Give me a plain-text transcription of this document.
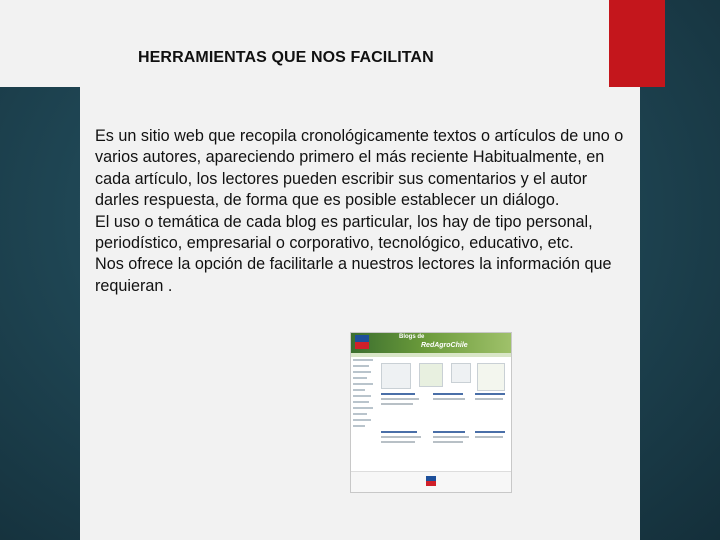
HERRAMIENTAS QUE NOS FACILITAN
Es un sitio web que recopila cronológicamente textos o artículos de uno o varios autores, apareciendo primero el más reciente Habitualmente, en cada artículo, los lectores pueden escribir sus comentarios y el autor darles respuesta, de forma que es posible establecer un diálogo.
El uso o temática de cada blog es particular, los hay de tipo personal, periodístico, empresarial o corporativo, tecnológico, educativo, etc.
Nos ofrece la opción de facilitarle a nuestros lectores la información que requieran .
Blogs de
RedAgroChile
